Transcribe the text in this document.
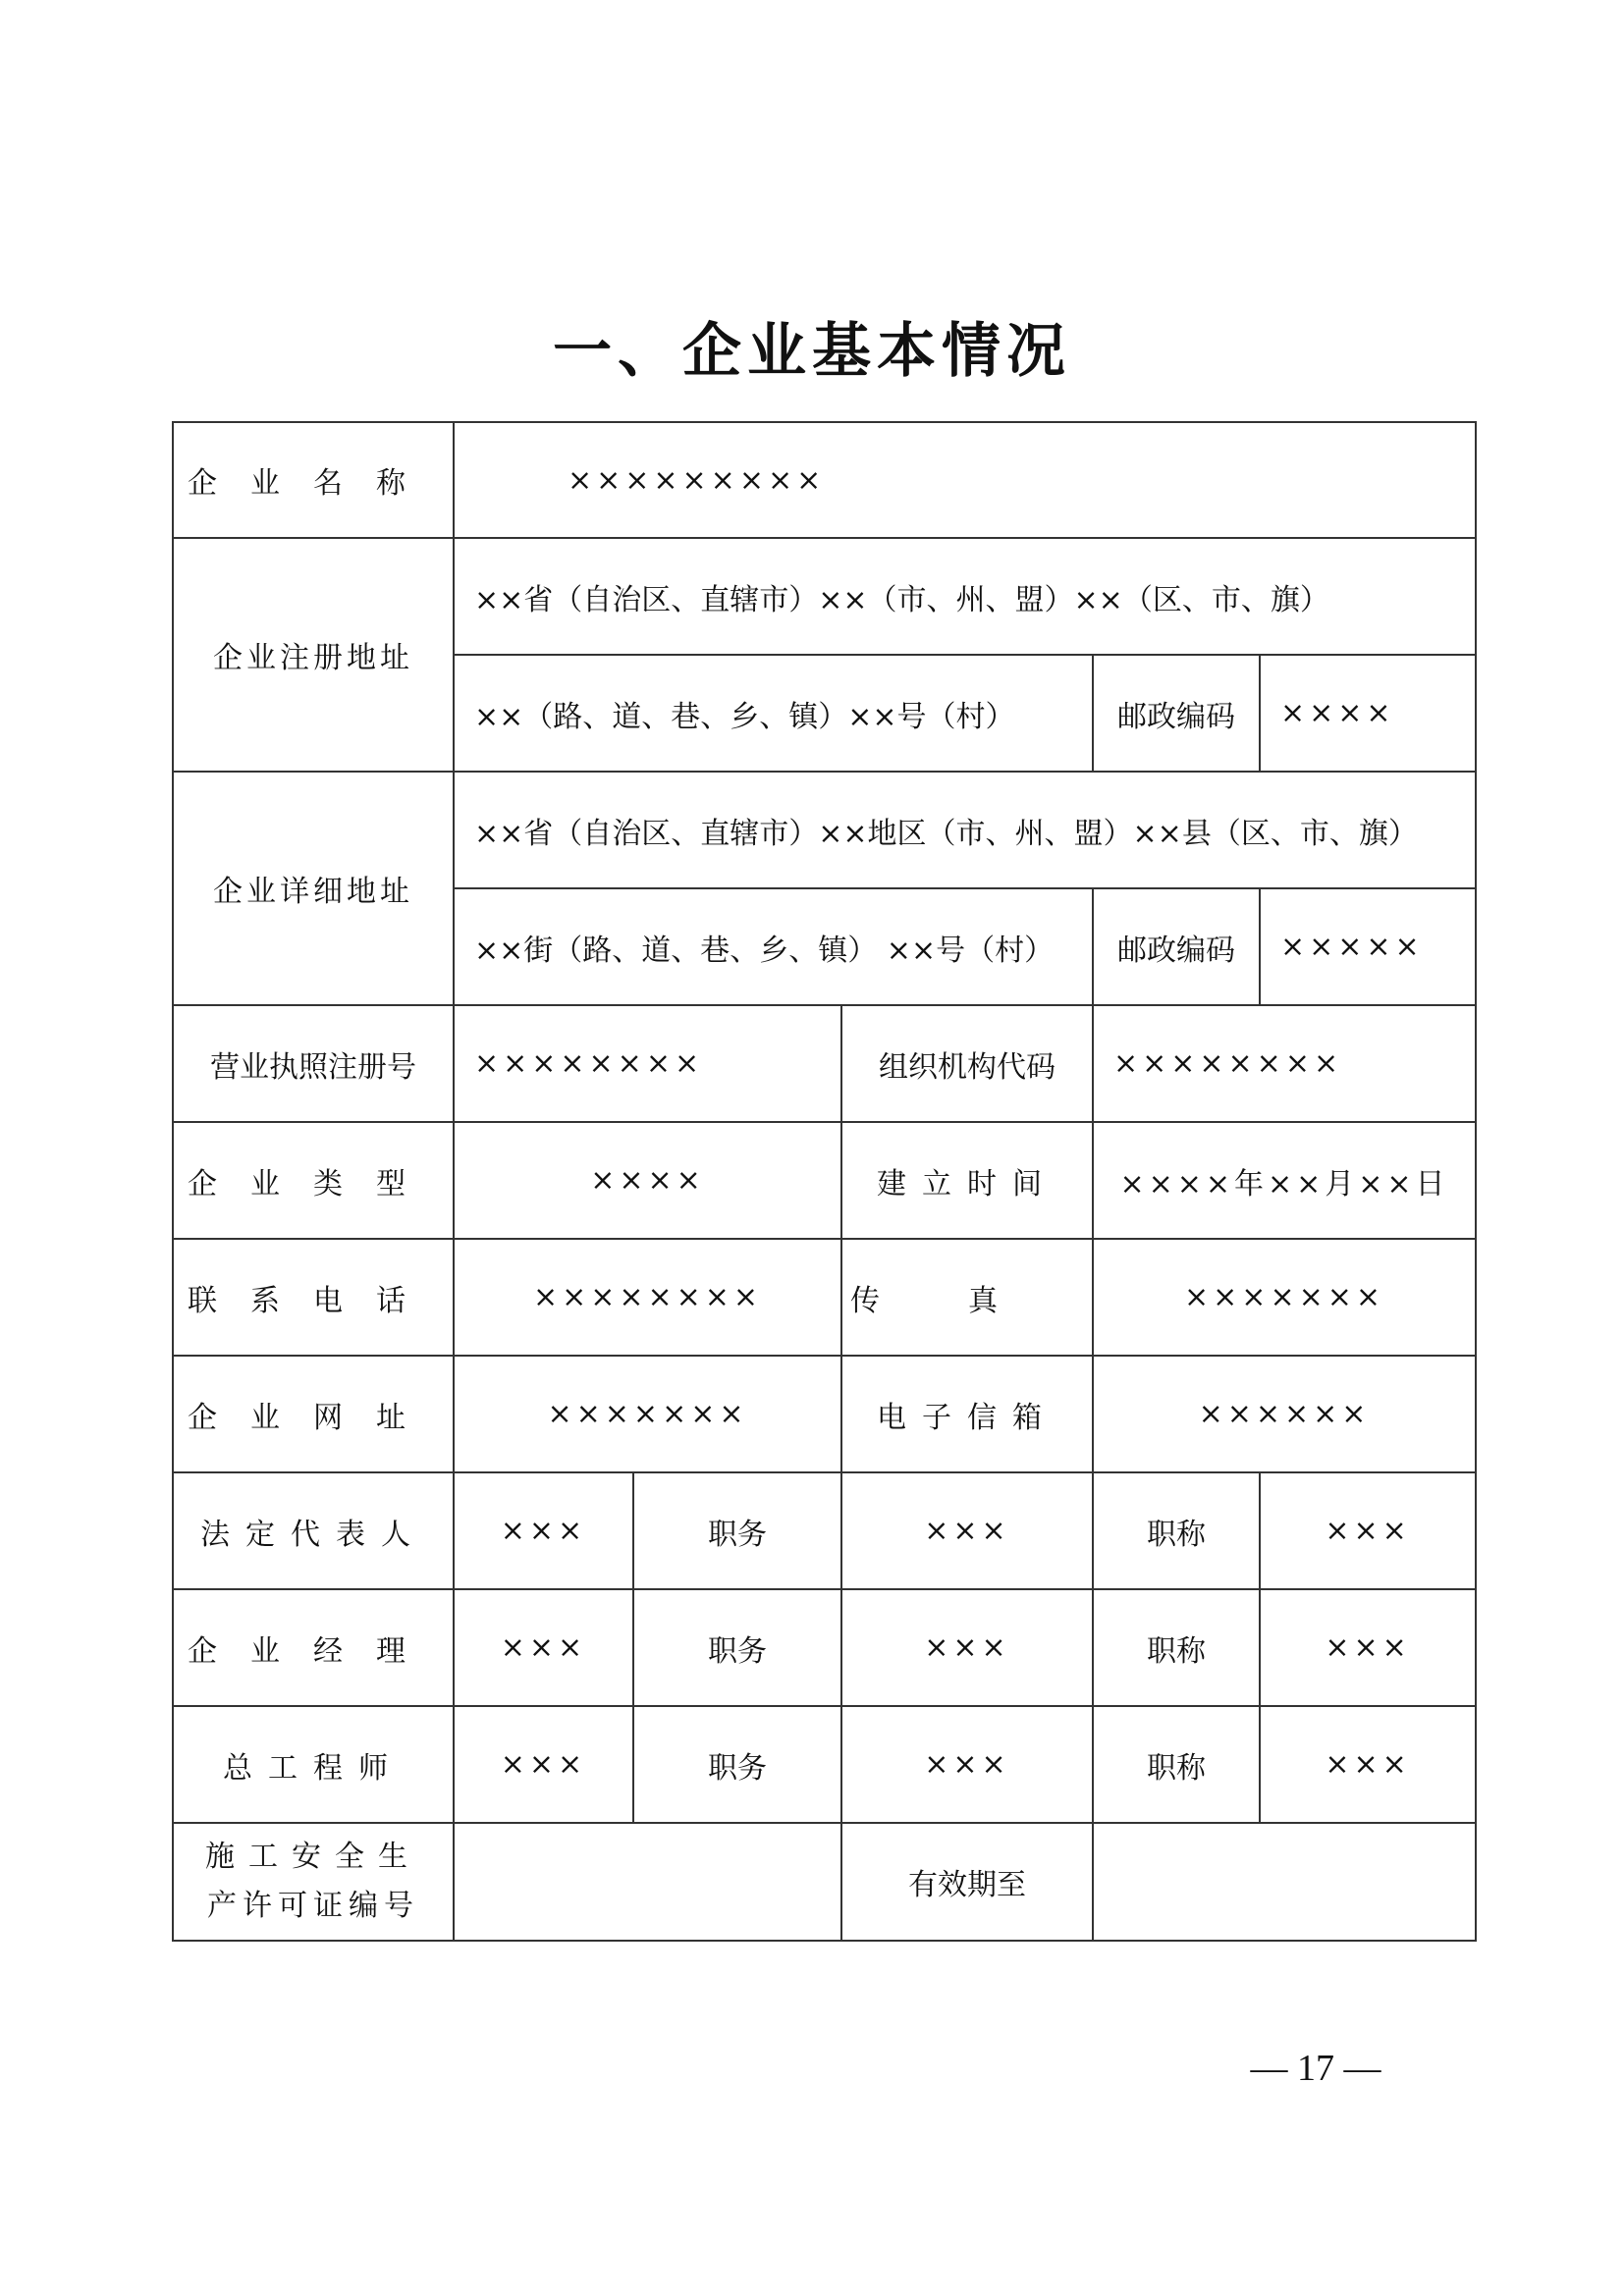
一、企业基本情况
企业名称	×××××××××				
企业注册地址	××省（自治区、直辖市）××（市、州、盟）××（区、市、旗）				
	××（路、道、巷、乡、镇）××号（村）			邮政编码	××××
企业详细地址	××省（自治区、直辖市）××地区（市、州、盟）××县（区、市、旗）				
	××街（路、道、巷、乡、镇） ××号（村）			邮政编码	×××××
营业执照注册号	××××××××		组织机构代码	××××××××	
企业类型	××××		建立时间	××××年××月××日	
联系电话	××××××××		传真	×××××××	
企业网址	×××××××		电子信箱	××××××	
法定代表人	×××	职务	×××	职称	×××
企业经理	×××	职务	×××	职称	×××
总工程师	×××	职务	×××	职称	×××

施工安全生
产许可证编号			有效期至		
— 17 —
